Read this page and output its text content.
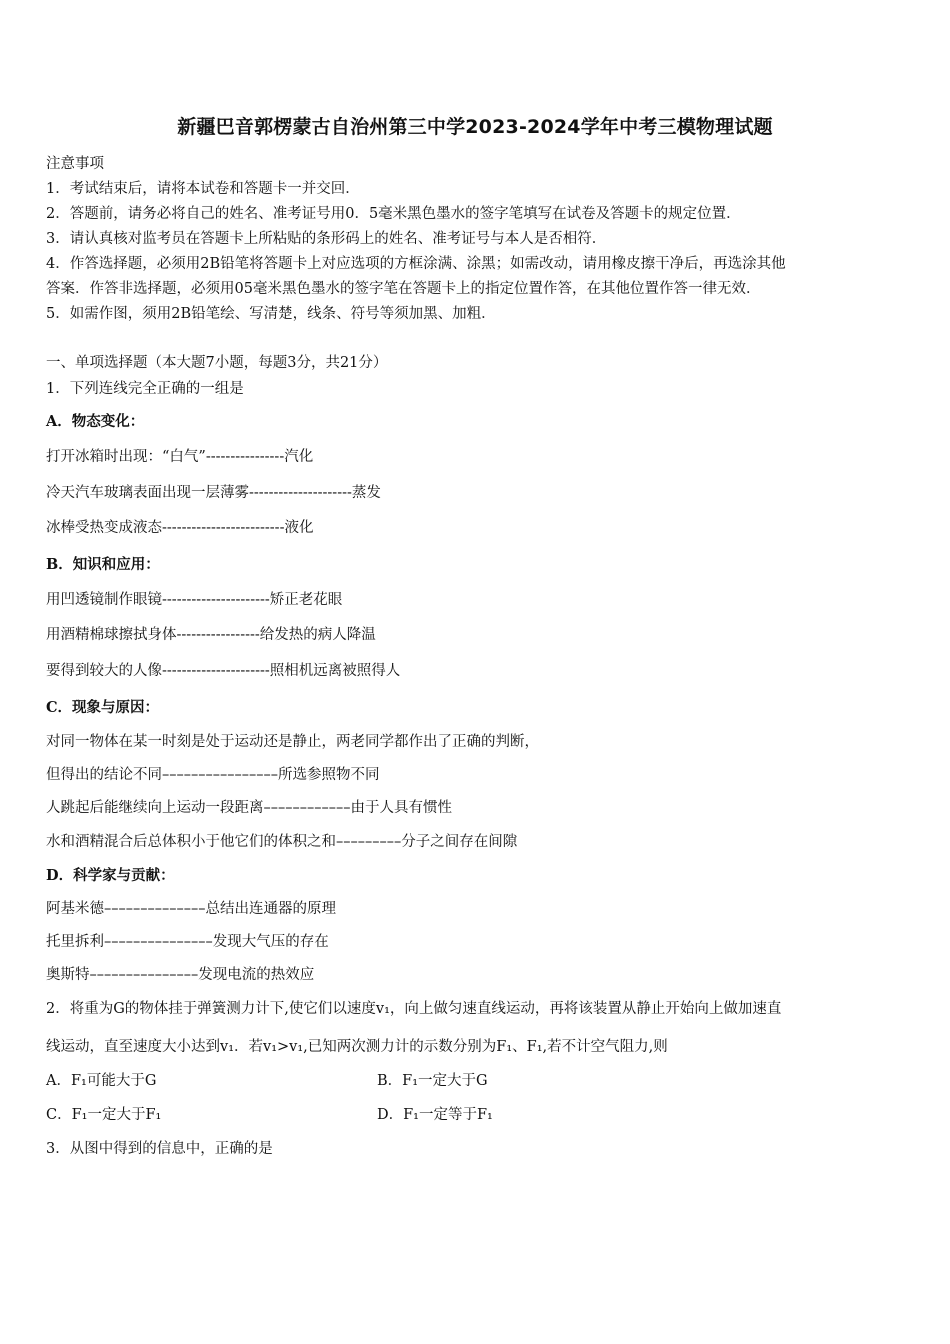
新疆巴音郭楞蒙古自治州第三中学2023-2024学年中考三模物理试题
注意事项
1．考试结束后，请将本试卷和答题卡一并交回．
2．答题前，请务必将自己的姓名、准考证号用0．5毫米黑色墨水的签字笔填写在试卷及答题卡的规定位置．
3．请认真核对监考员在答题卡上所粘贴的条形码上的姓名、准考证号与本人是否相符．
4．作答选择题，必须用2B铅笔将答题卡上对应选项的方框涂满、涂黑；如需改动，请用橡皮擦干净后，再选涂其他
答案．作答非选择题，必须用05毫米黑色墨水的签字笔在答题卡上的指定位置作答，在其他位置作答一律无效．
5．如需作图，须用2B铅笔绘、写清楚，线条、符号等须加黑、加粗．
一、单项选择题（本大题7小题，每题3分，共21分）
1．下列连线完全正确的一组是
A．物态变化：
打开冰箱时出现：“白气”----------------汽化
冷天汽车玻璃表面出现一层薄雾---------------------蒸发
冰棒受热变成液态-------------------------液化
B．知识和应用：
用凹透镜制作眼镜----------------------矫正老花眼
用酒精棉球擦拭身体-----------------给发热的病人降温
要得到较大的人像----------------------照相机远离被照得人
C．现象与原因：
对同一物体在某一时刻是处于运动还是静止，两老同学都作出了正确的判断，
但得出的结论不同––––––––––––––––所选参照物不同
人跳起后能继续向上运动一段距离––––––––––––由于人具有惯性
水和酒精混合后总体积小于他它们的体积之和–––––––––分子之间存在间隙
D．科学家与贡献：
阿基米德––––––––––––––总结出连通器的原理
托里拆利–––––––––––––––发现大气压的存在
奥斯特–––––––––––––––发现电流的热效应
2．将重为G的物体挂于弹簧测力计下,使它们以速度v₁，向上做匀速直线运动，再将该装置从静止开始向上做加速直
线运动，直至速度大小达到v₁．若v₁>v₁,已知两次测力计的示数分别为F₁、F₁,若不计空气阻力,则
A．F₁可能大于G	B．F₁一定大于G
C．F₁一定大于F₁	D．F₁一定等于F₁
3．从图中得到的信息中，正确的是
